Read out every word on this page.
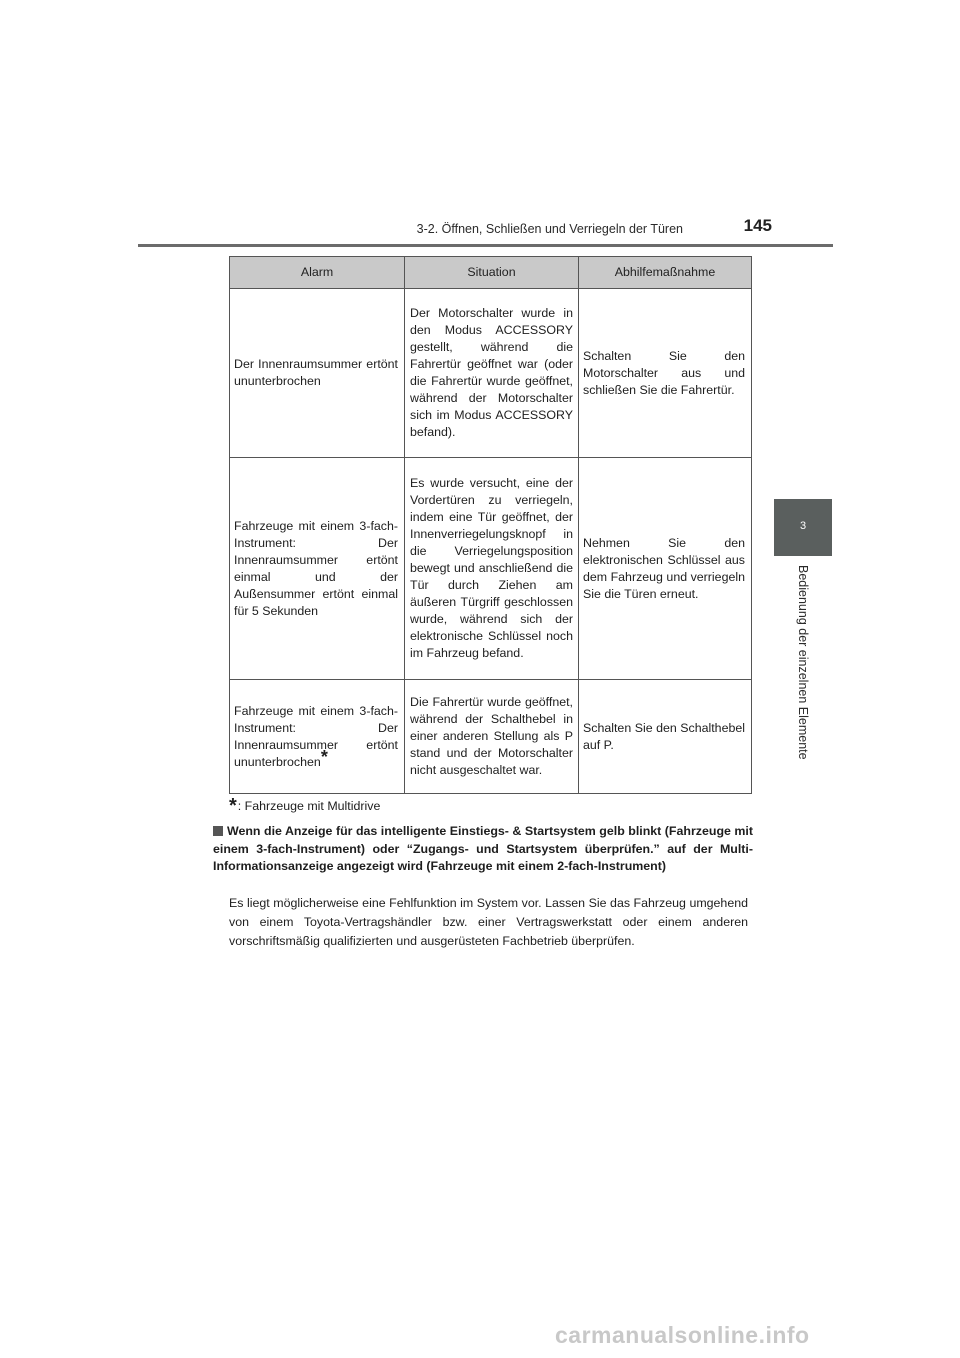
3-2. Öffnen, Schließen und Verriegeln der Türen	145
3
Bedienung der einzelnen Elemente
Alarm	Situation	Abhilfemaßnahme
Der Innenraumsummer ertönt ununterbrochen	Der Motorschalter wurde in den Modus ACCESSORY gestellt, während die Fahrertür geöffnet war (oder die Fahrertür wurde geöffnet, während der Motorschalter sich im Modus ACCESSORY befand).	Schalten Sie den Motorschalter aus und schließen Sie die Fahrertür.
Fahrzeuge mit einem 3-fach-Instrument: Der Innenraumsummer ertönt einmal und der Außensummer ertönt einmal für 5 Sekunden	Es wurde versucht, eine der Vordertüren zu verriegeln, indem eine Tür geöffnet, der Innenverriegelungsknopf in die Verriegelungsposition bewegt und anschließend die Tür durch Ziehen am äußeren Türgriff geschlossen wurde, während sich der elektronische Schlüssel noch im Fahrzeug befand.	Nehmen Sie den elektronischen Schlüssel aus dem Fahrzeug und verriegeln Sie die Türen erneut.
Fahrzeuge mit einem 3-fach-Instrument: Der Innenraumsummer ertönt ununterbrochen*	Die Fahrertür wurde geöffnet, während der Schalthebel in einer anderen Stellung als P stand und der Motorschalter nicht ausgeschaltet war.	Schalten Sie den Schalthebel auf P.
*: Fahrzeuge mit Multidrive
Wenn die Anzeige für das intelligente Einstiegs- & Startsystem gelb blinkt (Fahrzeuge mit einem 3-fach-Instrument) oder “Zugangs- und Startsystem überprüfen.” auf der Multi-Informationsanzeige angezeigt wird (Fahrzeuge mit einem 2-fach-Instrument)
Es liegt möglicherweise eine Fehlfunktion im System vor. Lassen Sie das Fahrzeug umgehend von einem Toyota-Vertragshändler bzw. einer Vertragswerkstatt oder einem anderen vorschriftsmäßig qualifizierten und ausgerüsteten Fachbetrieb überprüfen.
carmanualsonline.info
